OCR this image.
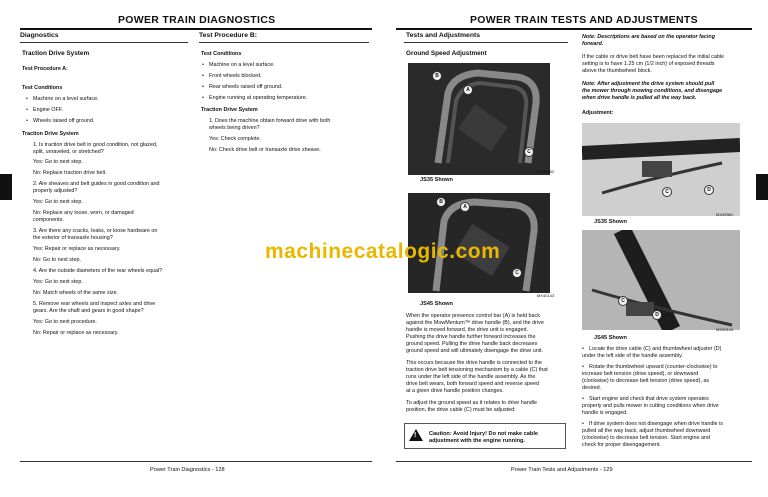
POWER TRAIN DIAGNOSTICS
Diagnostics	Test Procedure B:
Traction Drive System
Test Procedure A:
Test Conditions
• Machine on a level surface.
• Engine OFF.
• Wheels raised off ground.
Traction Drive System
1. Is traction drive belt in good condition, not glazed,
split, unraveled, or stretched?
Yes: Go to next step.
No: Replace traction drive belt.
2. Are sheaves and belt guides in good condition and
properly adjusted?
Yes: Go to next step.
No: Replace any loose, worn, or damaged
components.
3. Are there any cracks, leaks, or loose hardware on
the exterior of transaxle housing?
Yes: Repair or replace as necessary.
No: Go to next step.
4. Are the outside diameters of the rear wheels equal?
Yes: Go to next step.
No: Match wheels of the same size.
5. Remove rear wheels and inspect axles and drive
gears. Are the shaft and gears in good shape?
Yes: Go to next procedure.
No: Repair or replace as necessary.
Test Conditions
• Machine on a level surface.
• Front wheels blocked.
• Rear wheels raised off ground.
• Engine running at operating temperature.
Traction Drive System
1. Does the machine obtain forward drive with both
wheels being driven?
Yes: Check complete.
No: Check drive belt or transaxle drive sheave.
Power Train Diagnostics - 128
POWER TRAIN TESTS AND ADJUSTMENTS
Tests and Adjustments
Ground Speed Adjustment
B
A
C
MX39952
JS35 Shown
B
A
C
MX40143
JS45 Shown
When the operator presence control bar (A) is held back
against the MowMentum™ drive handle (B), and the drive
handle is moved forward, the drive unit is engaged.
Pushing the drive handle further forward increases the
ground speed. Pulling the drive handle back decreases
ground speed and will ultimately disengage the drive unit.
This occurs because the drive handle is connected to the
traction drive belt tensioning mechanism by a cable (C) that
runs under the left side of the handle assembly. As the
drive belt wears, both forward speed and reverse speed
at a given drive handle position changes.
To adjust the ground speed as it relates to drive handle
position, the drive cable (C) must be adjusted:
! Caution: Avoid Injury! Do not make cable adjustment with the engine running.
Note: Descriptions are based on the operator facing
forward.
If the cable or drive belt have been replaced the initial cable
setting is to have 1.25 cm (1/2 inch) of exposed threads
above the thumbwheel block.
Note: After adjustment the drive system should pull
the mower through mowing conditions, and disengage
when drive handle is pulled all the way back.
Adjustment:
C	D
MX39961
JS35 Shown
C
D
MX40144
JS45 Shown
• Locate the drive cable (C) and thumbwheel adjuster (D)
under the left side of the handle assembly.
• Rotate the thumbwheel upward (counter-clockwise) to
increase belt tension (drive speed), or downward
(clockwise) to decrease belt tension (drive speed), as
desired.
• Start engine and check that drive system operates
properly and pulls mower in cutting conditions when drive
handle is engaged.
• If drive system does not disengage when drive handle is
pulled all the way back, adjust thumbwheel downward
(clockwise) to decrease belt tension. Start engine and
check for proper disengagement.
Power Train Tests and Adjustments - 129
machinecatalogic.com
